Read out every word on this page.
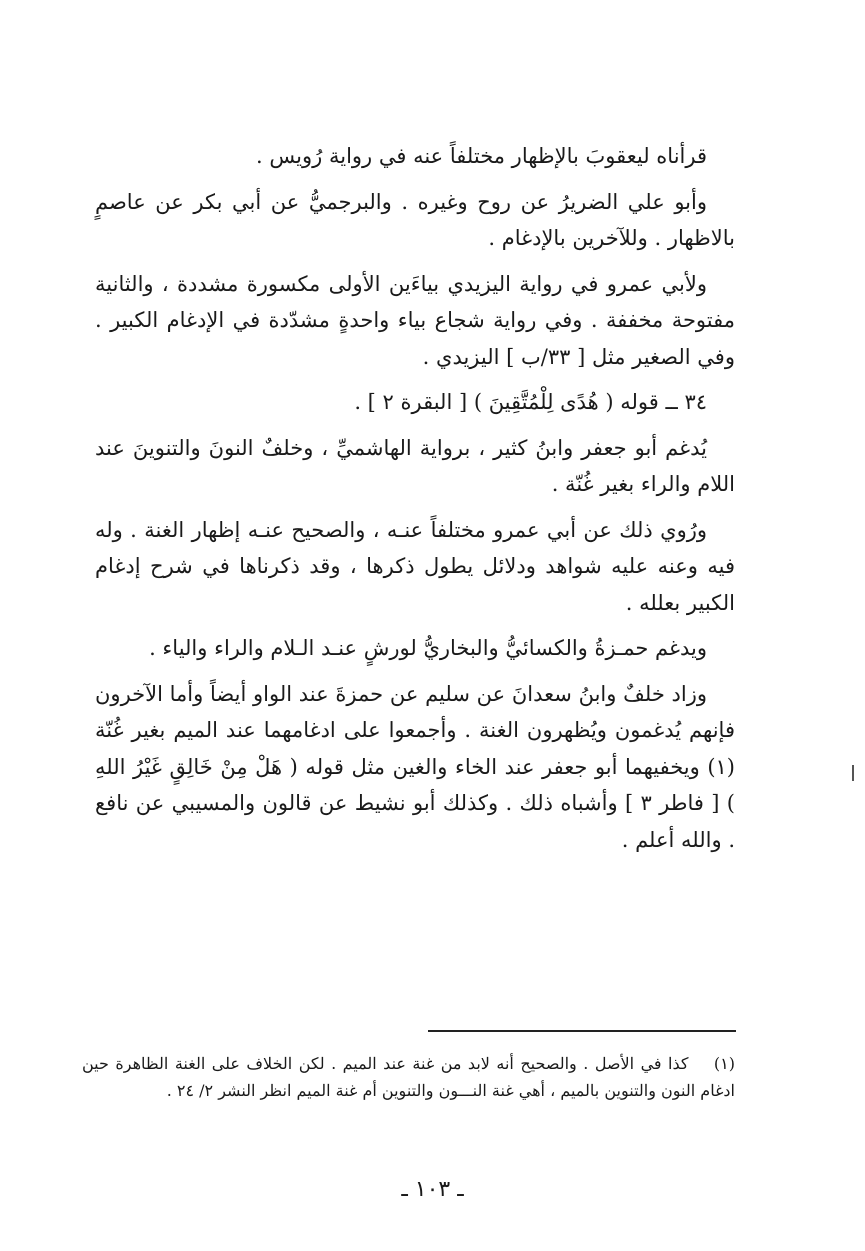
قرأناه ليعقوبَ بالإظهار مختلفاً عنه في رواية رُويس .

وأبو علي الضريرُ عن روح وغيره . والبرجميُّ عن أبي بكر عن عاصمٍ بالاظهار . وللآخرين بالإدغام .

ولأبي عمرو في رواية اليزيدي بياءَين الأولى مكسورة مشددة ، والثانية مفتوحة مخففة . وفي رواية شجاع بياء واحدةٍ مشدّدة في الإدغام الكبير . وفي الصغير مثل [ ٣٣/ب ] اليزيدي .

٣٤ ــ قوله ( هُدًى لِلْمُتَّقِينَ ) [ البقرة ٢ ] .

يُدغم أبو جعفر وابنُ كثير ، برواية الهاشميِّ ، وخلفٌ النونَ والتنوينَ عند اللام والراء بغير غُنّة .

ورُوي ذلك عن أبي عمرو مختلفاً عنـه ، والصحيح عنـه إظهار الغنة . وله فيه وعنه عليه شواهد ودلائل يطول ذكرها ، وقد ذكرناها في شرح إدغام الكبير بعلله .

ويدغم حمـزةُ والكسائيُّ والبخاريُّ لورشٍ عنـد الـلام والراء والياء .

وزاد خلفٌ وابنُ سعدانَ عن سليم عن حمزةَ عند الواو أيضاً وأما الآخرون فإنهم يُدغمون ويُظهرون الغنة . وأجمعوا على ادغامهما عند الميم بغير غُنّة (١) ويخفيهما أبو جعفر عند الخاء والغين مثل قوله ( هَلْ مِنْ خَالِقٍ غَيْرُ اللهِ ) [ فاطر ٣ ] وأشباه ذلك . وكذلك أبو نشيط عن قالون والمسيبي عن نافع . والله أعلم .

(١) كذا في الأصل . والصحيح أنه لابد من غنة عند الميم . لكن الخلاف على الغنة الظاهرة حين ادغام النون والتنوين بالميم ، أهي غنة النـــون والتنوين أم غنة الميم انظر النشر ٢/ ٢٤ .
ـ ١٠٣ ـ
